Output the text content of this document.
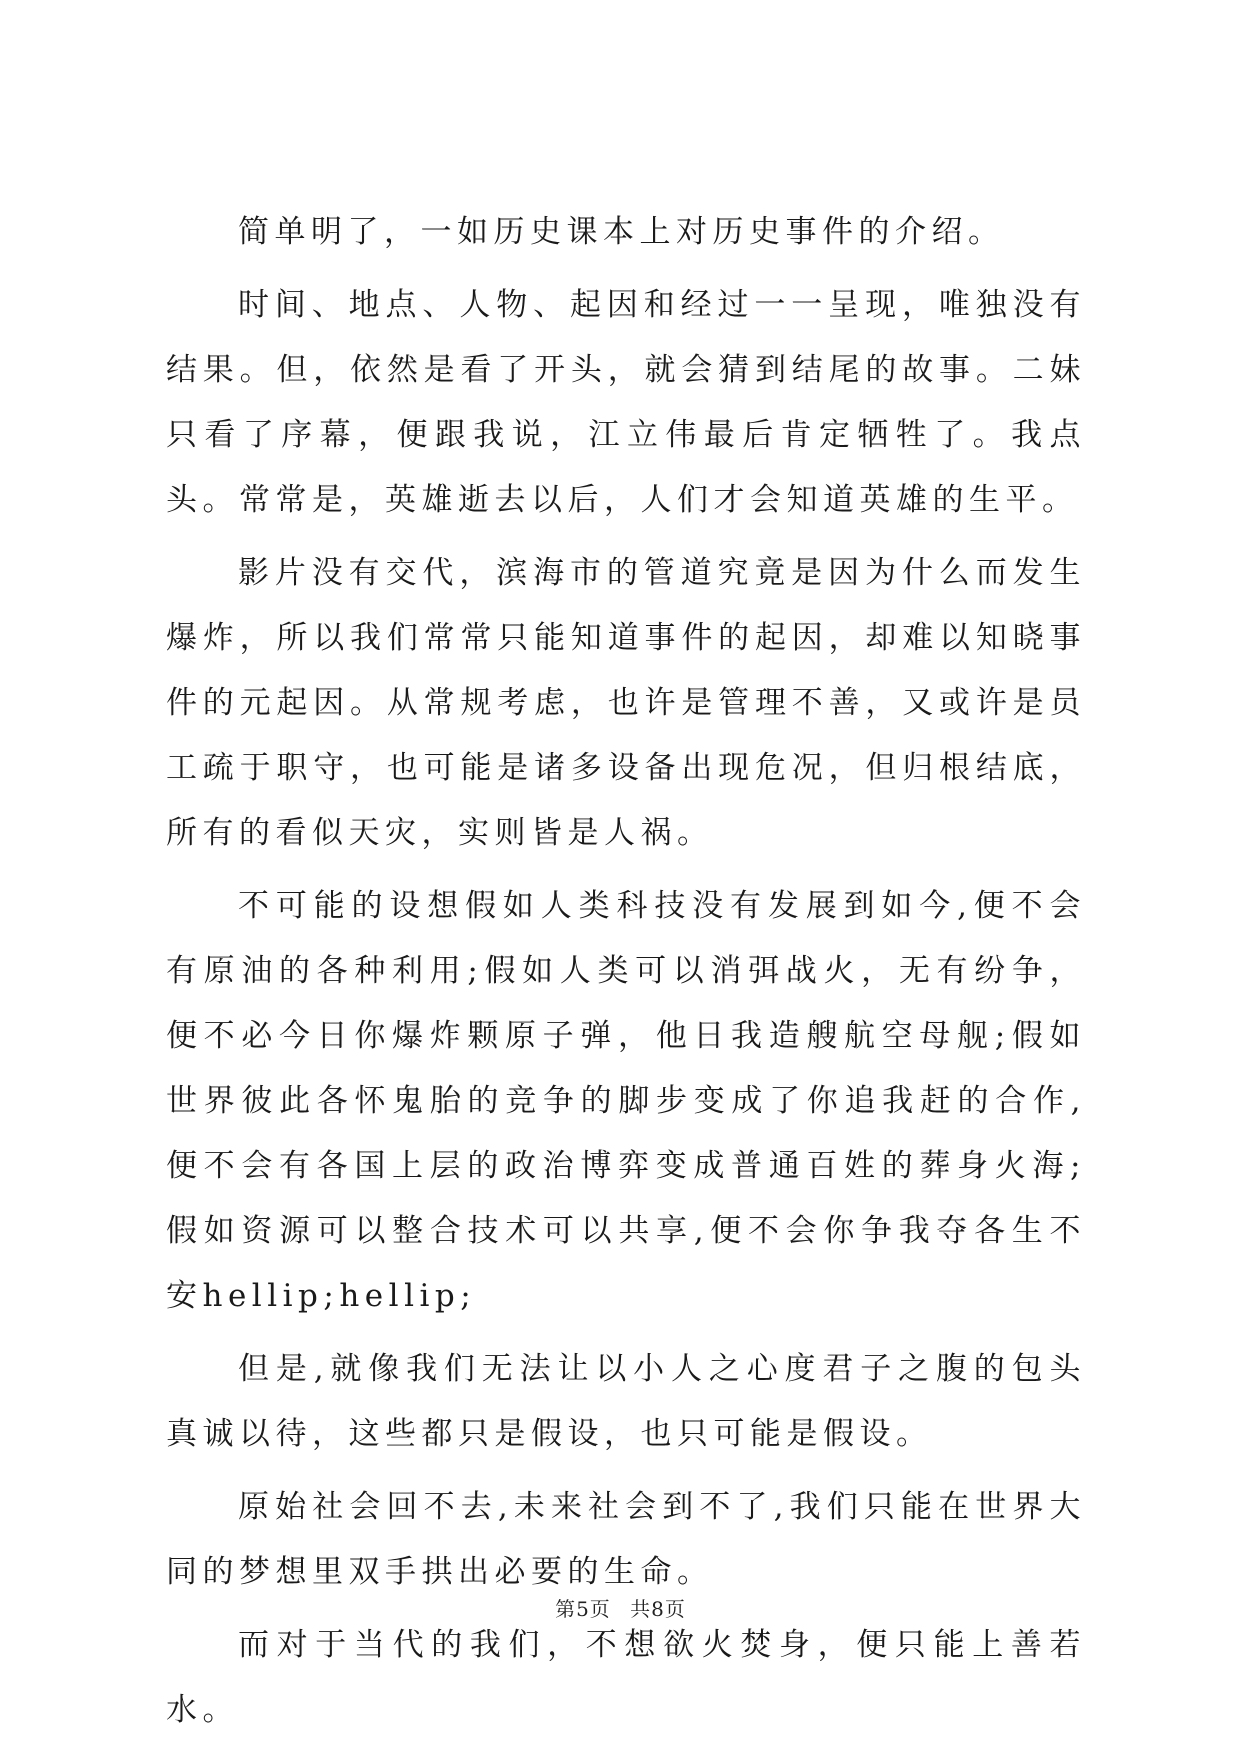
简单明了，一如历史课本上对历史事件的介绍。

时间、地点、人物、起因和经过一一呈现，唯独没有结果。但，依然是看了开头，就会猜到结尾的故事。二妹只看了序幕，便跟我说，江立伟最后肯定牺牲了。我点头。常常是，英雄逝去以后，人们才会知道英雄的生平。

影片没有交代，滨海市的管道究竟是因为什么而发生爆炸，所以我们常常只能知道事件的起因，却难以知晓事件的元起因。从常规考虑，也许是管理不善，又或许是员工疏于职守，也可能是诸多设备出现危况，但归根结底，所有的看似天灾，实则皆是人祸。

不可能的设想假如人类科技没有发展到如今,便不会有原油的各种利用;假如人类可以消弭战火，无有纷争，便不必今日你爆炸颗原子弹，他日我造艘航空母舰;假如世界彼此各怀鬼胎的竞争的脚步变成了你追我赶的合作,便不会有各国上层的政治博弈变成普通百姓的葬身火海;假如资源可以整合技术可以共享,便不会你争我夺各生不安hellip;hellip;

但是,就像我们无法让以小人之心度君子之腹的包头真诚以待，这些都只是假设，也只可能是假设。

原始社会回不去,未来社会到不了,我们只能在世界大同的梦想里双手拱出必要的生命。

而对于当代的我们，不想欲火焚身，便只能上善若水。

第5页 共8页
